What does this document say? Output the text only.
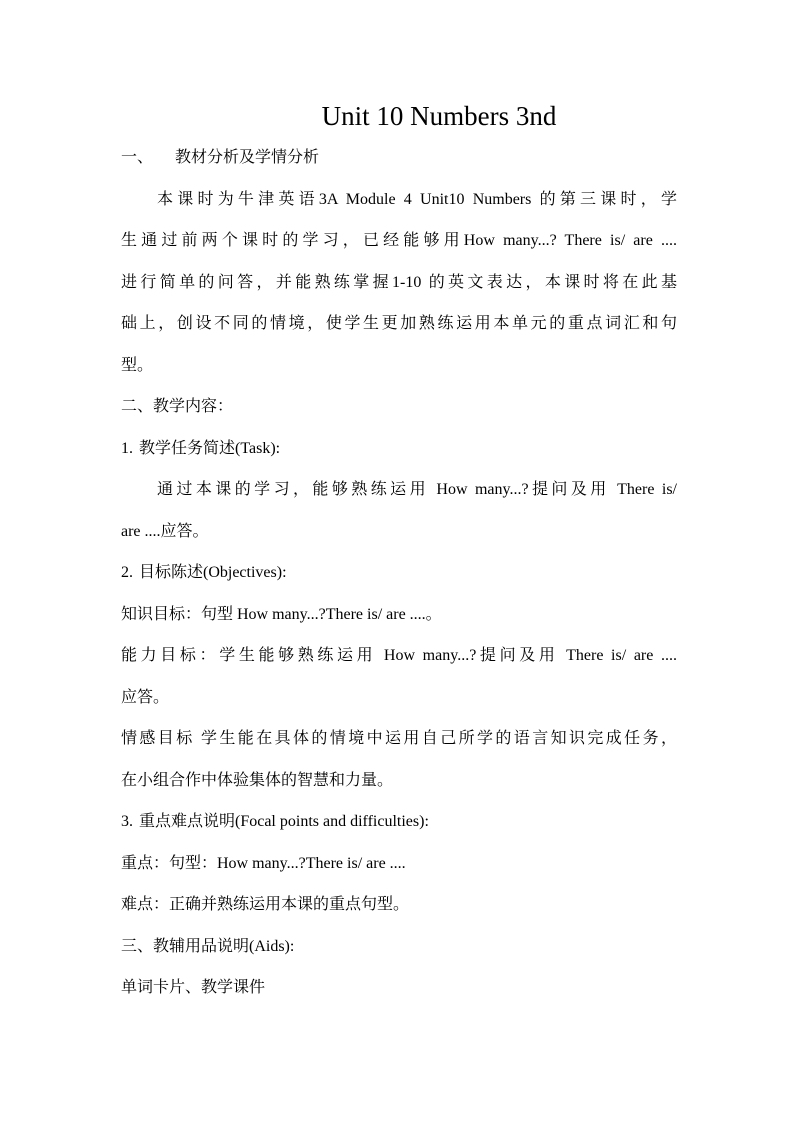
Unit 10 Numbers 3nd

一、 教材分析及学情分析

本课时为牛津英语3A Module 4 Unit10 Numbers 的第三课时，学

生通过前两个课时的学习，已经能够用How many...? There is/ are ....

进行简单的问答，并能熟练掌握1-10 的英文表达，本课时将在此基

础上，创设不同的情境，使学生更加熟练运用本单元的重点词汇和句

型。

二、教学内容：

1. 教学任务简述(Task):

通过本课的学习，能够熟练运用 How many...?提问及用 There is/

are ....应答。

2. 目标陈述(Objectives):

知识目标：句型 How many...?There is/ are ....。

能力目标：学生能够熟练运用 How many...?提问及用 There is/ are ....

应答。

情感目标 学生能在具体的情境中运用自己所学的语言知识完成任务，

在小组合作中体验集体的智慧和力量。

3. 重点难点说明(Focal points and difficulties):

重点：句型：How many...?There is/ are ....

难点：正确并熟练运用本课的重点句型。

三、教辅用品说明(Aids):

单词卡片、教学课件
